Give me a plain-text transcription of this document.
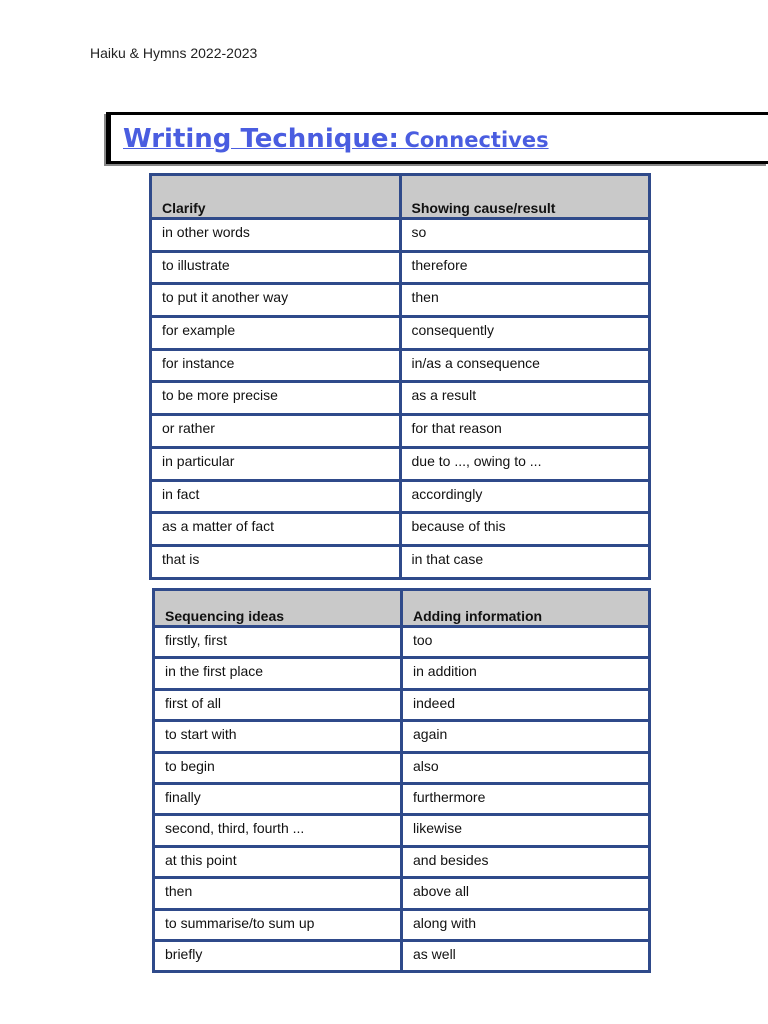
Haiku & Hymns 2022-2023
Writing Technique: Connectives
Clarify	Showing cause/result
in other words	so
to illustrate	therefore
to put it another way	then
for example	consequently
for instance	in/as a consequence
to be more precise	as a result
or rather	for that reason
in particular	due to ..., owing to ...
in fact	accordingly
as a matter of fact	because of this
that is	in that case
Sequencing ideas	Adding information
firstly, first	too
in the first place	in addition
first of all	indeed
to start with	again
to begin	also
finally	furthermore
second, third, fourth ...	likewise
at this point	and besides
then	above all
to summarise/to sum up	along with
briefly	as well
